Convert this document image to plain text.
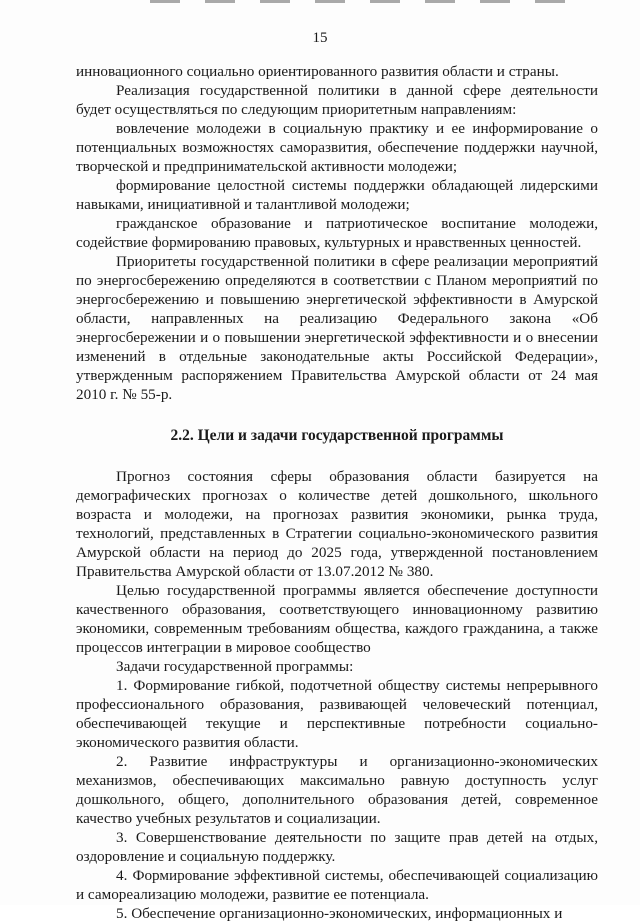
15

инновационного социально ориентированного развития области и страны.

Реализация государственной политики в данной сфере деятельности будет осуществляться по следующим приоритетным направлениям:

вовлечение молодежи в социальную практику и ее информирование о потенциальных возможностях саморазвития, обеспечение поддержки научной, творческой и предпринимательской активности молодежи;

формирование целостной системы поддержки обладающей лидерскими навыками, инициативной и талантливой молодежи;

гражданское образование и патриотическое воспитание молодежи, содействие формированию правовых, культурных и нравственных ценностей.

Приоритеты государственной политики в сфере реализации мероприятий по энергосбережению определяются в соответствии с Планом мероприятий по энергосбережению и повышению энергетической эффективности в Амурской области, направленных на реализацию Федерального закона «Об энергосбережении и о повышении энергетической эффективности и о внесении изменений в отдельные законодательные акты Российской Федерации», утвержденным распоряжением Правительства Амурской области от 24 мая 2010 г. № 55-р.

2.2. Цели и задачи государственной программы

Прогноз состояния сферы образования области базируется на демографических прогнозах о количестве детей дошкольного, школьного возраста и молодежи, на прогнозах развития экономики, рынка труда, технологий, представленных в Стратегии социально-экономического развития Амурской области на период до 2025 года, утвержденной постановлением Правительства Амурской области от 13.07.2012 № 380.

Целью государственной программы является обеспечение доступности качественного образования, соответствующего инновационному развитию экономики, современным требованиям общества, каждого гражданина, а также процессов интеграции в мировое сообщество

Задачи государственной программы:

1. Формирование гибкой, подотчетной обществу системы непрерывного профессионального образования, развивающей человеческий потенциал, обеспечивающей текущие и перспективные потребности социально-экономического развития области.

2. Развитие инфраструктуры и организационно-экономических механизмов, обеспечивающих максимально равную доступность услуг дошкольного, общего, дополнительного образования детей, современное качество учебных результатов и социализации.

3. Совершенствование деятельности по защите прав детей на отдых, оздоровление и социальную поддержку.

4. Формирование эффективной системы, обеспечивающей социализацию и самореализацию молодежи, развитие ее потенциала.

5. Обеспечение организационно-экономических, информационных и
